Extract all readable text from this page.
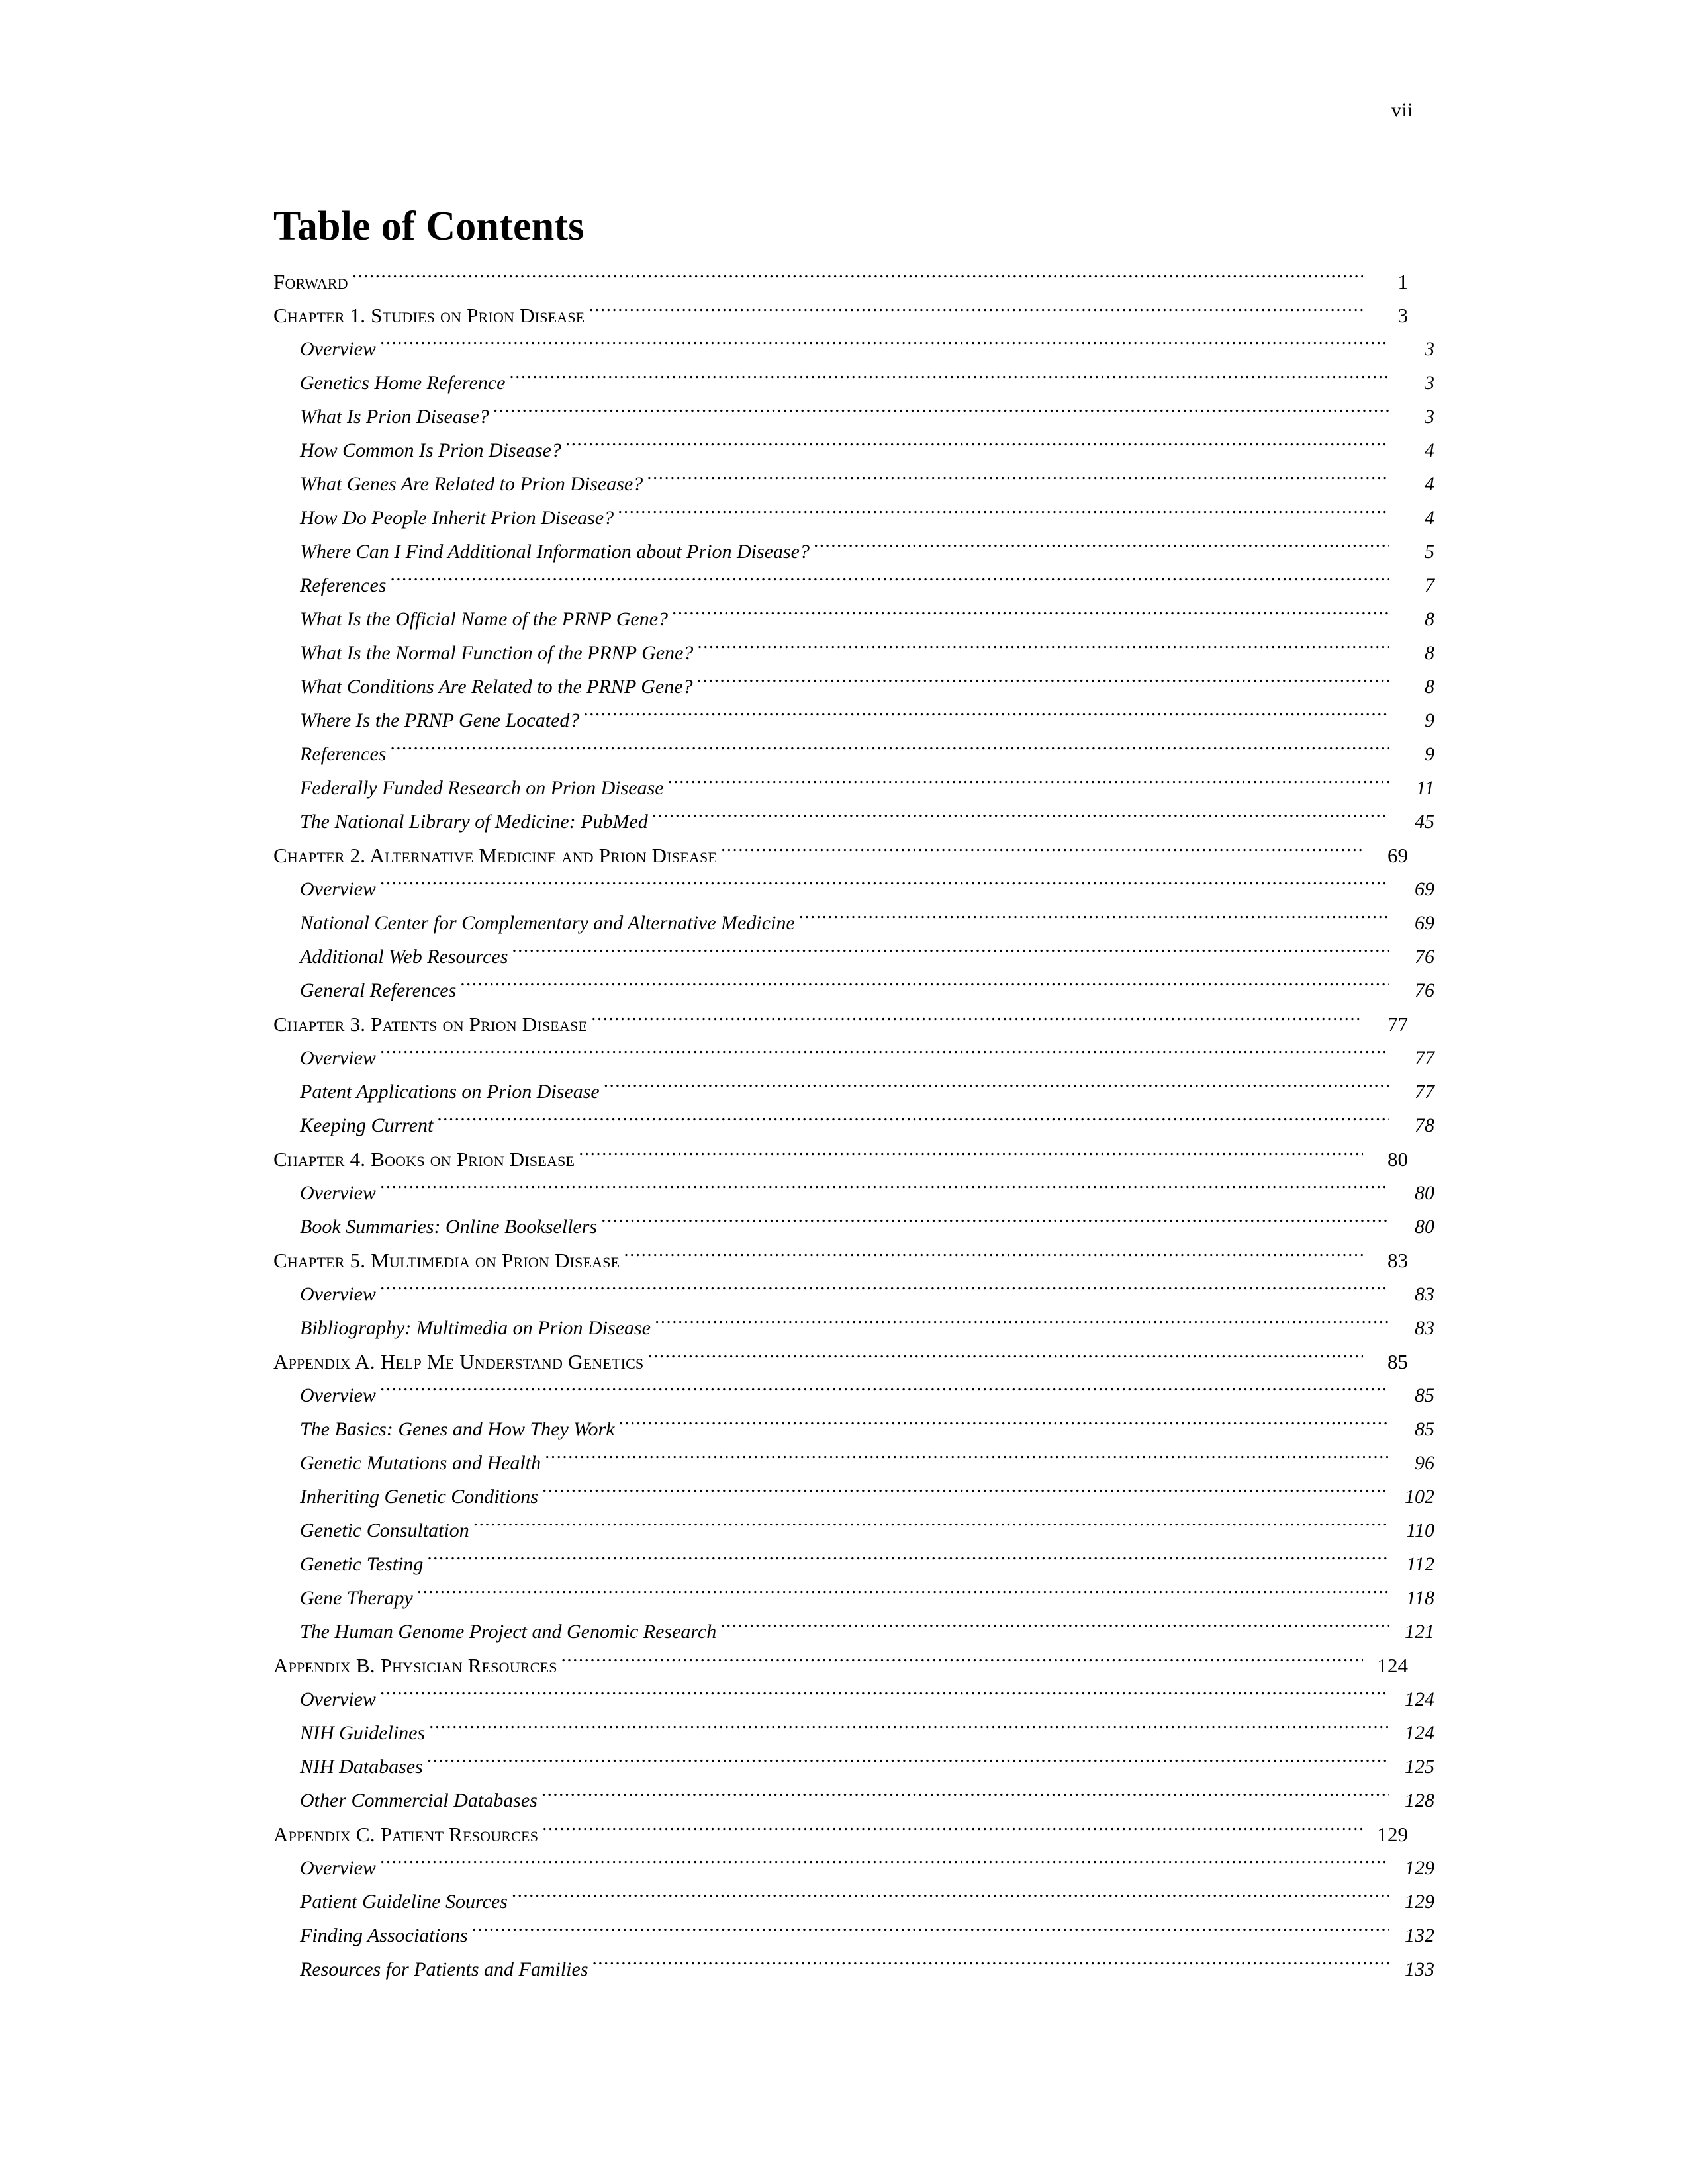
vii
Table of Contents
Forward .....	1
Chapter 1. Studies on Prion Disease .....	3
Overview .....	3
Genetics Home Reference .....	3
What Is Prion Disease? .....	3
How Common Is Prion Disease? .....	4
What Genes Are Related to Prion Disease? .....	4
How Do People Inherit Prion Disease? .....	4
Where Can I Find Additional Information about Prion Disease? .....	5
References .....	7
What Is the Official Name of the PRNP Gene? .....	8
What Is the Normal Function of the PRNP Gene? .....	8
What Conditions Are Related to the PRNP Gene? .....	8
Where Is the PRNP Gene Located? .....	9
References .....	9
Federally Funded Research on Prion Disease .....	11
The National Library of Medicine: PubMed .....	45
Chapter 2. Alternative Medicine and Prion Disease .....	69
Overview .....	69
National Center for Complementary and Alternative Medicine .....	69
Additional Web Resources .....	76
General References .....	76
Chapter 3. Patents on Prion Disease .....	77
Overview .....	77
Patent Applications on Prion Disease .....	77
Keeping Current .....	78
Chapter 4. Books on Prion Disease .....	80
Overview .....	80
Book Summaries: Online Booksellers .....	80
Chapter 5. Multimedia on Prion Disease .....	83
Overview .....	83
Bibliography: Multimedia on Prion Disease .....	83
Appendix A. Help Me Understand Genetics .....	85
Overview .....	85
The Basics: Genes and How They Work .....	85
Genetic Mutations and Health .....	96
Inheriting Genetic Conditions .....	102
Genetic Consultation .....	110
Genetic Testing .....	112
Gene Therapy .....	118
The Human Genome Project and Genomic Research .....	121
Appendix B. Physician Resources .....	124
Overview .....	124
NIH Guidelines .....	124
NIH Databases .....	125
Other Commercial Databases .....	128
Appendix C. Patient Resources .....	129
Overview .....	129
Patient Guideline Sources .....	129
Finding Associations .....	132
Resources for Patients and Families .....	133
